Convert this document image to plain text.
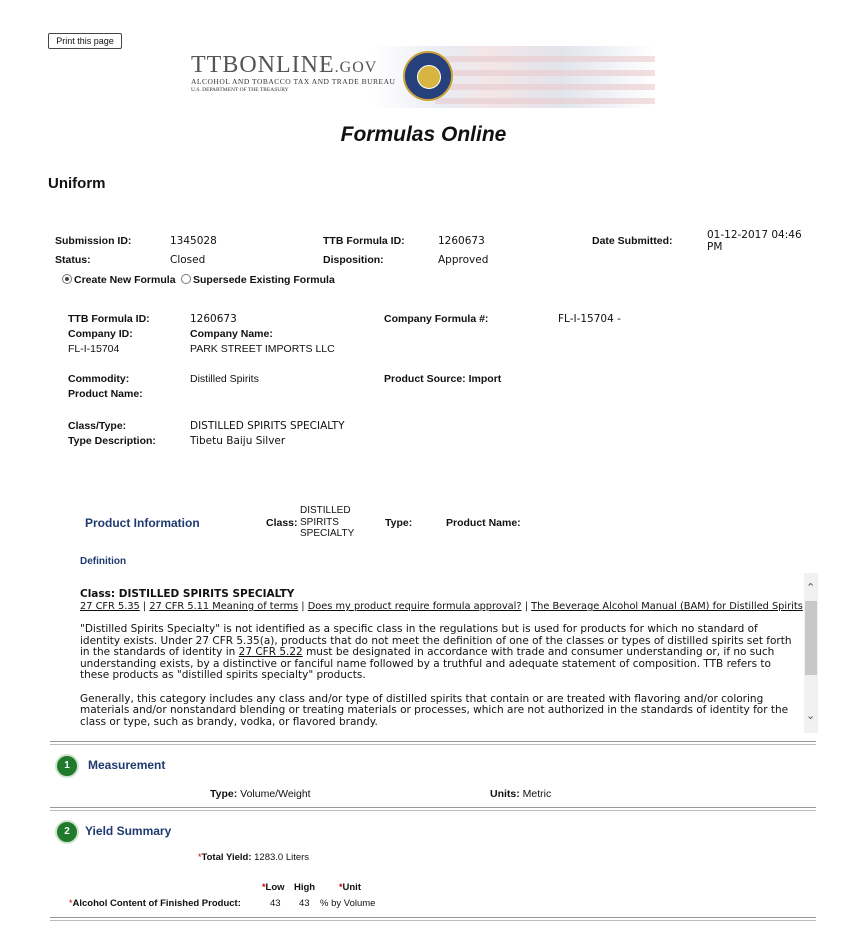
Print this page
TTBONLINE.GOV
ALCOHOL AND TOBACCO TAX AND TRADE BUREAU
U.S. DEPARTMENT OF THE TREASURY
Formulas Online
Uniform
Submission ID:	1345028	TTB Formula ID:	1260673	Date Submitted:	01-12-2017 04:46
PM
Status:	Closed	Disposition:	Approved
Create New Formula	Supersede Existing Formula
TTB Formula ID:	1260673	Company Formula #:	FL-I-15704 -
Company ID:	Company Name:
FL-I-15704	PARK STREET IMPORTS LLC
Commodity:	Distilled Spirits	Product Source: Import
Product Name:
Class/Type:	DISTILLED SPIRITS SPECIALTY
Type Description:	Tibetu Baiju Silver
Product Information	Class:
DISTILLED
SPIRITS
SPECIALTY
Type:	Product Name:
Definition
Class: DISTILLED SPIRITS SPECIALTY
27 CFR 5.35 | 27 CFR 5.11 Meaning of terms | Does my product require formula approval? | The Beverage Alcohol Manual (BAM) for Distilled Spirits

"Distilled Spirits Specialty" is not identified as a specific class in the regulations but is used for products for which no standard of identity exists. Under 27 CFR 5.35(a), products that do not meet the definition of one of the classes or types of distilled spirits set forth in the standards of identity in 27 CFR 5.22 must be designated in accordance with trade and consumer understanding or, if no such understanding exists, by a distinctive or fanciful name followed by a truthful and adequate statement of composition. TTB refers to these products as "distilled spirits specialty" products.

Generally, this category includes any class and/or type of distilled spirits that contain or are treated with flavoring and/or coloring materials and/or nonstandard blending or treating materials or processes, which are not authorized in the standards of identity for the class or type, such as brandy, vodka, or flavored brandy.

⌃
⌄
1	Measurement
Type: Volume/Weight	Units: Metric
2	Yield Summary
*Total Yield: 1283.0 Liters
*Low High	*Unit
*Alcohol Content of Finished Product:	43 43 % by Volume
